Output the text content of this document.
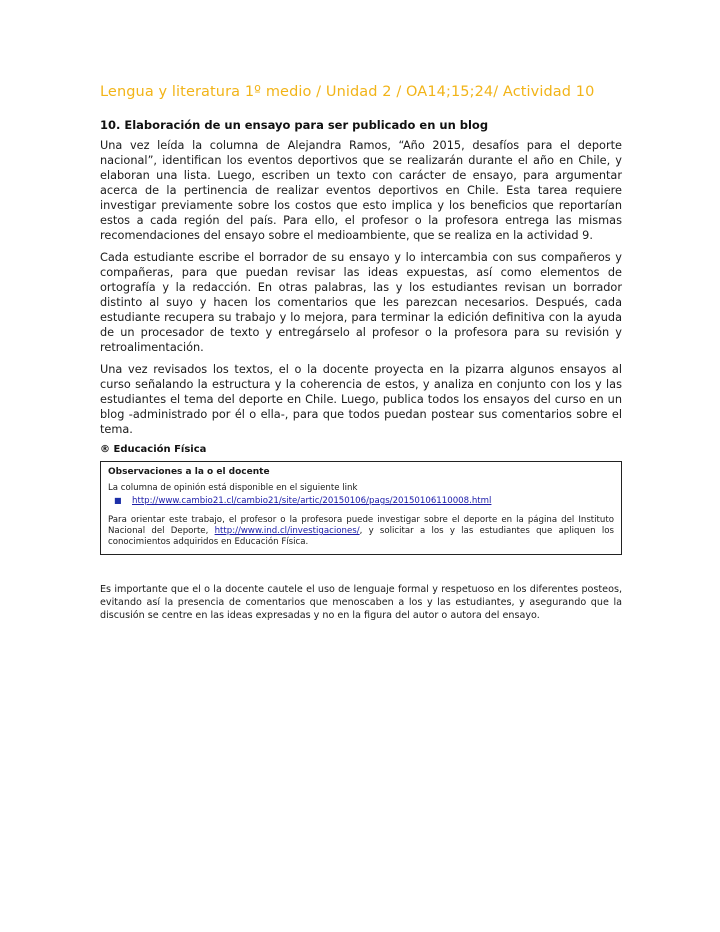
Lengua y literatura 1º medio / Unidad 2 / OA14;15;24/ Actividad 10
10. Elaboración de un ensayo para ser publicado en un blog

Una vez leída la columna de Alejandra Ramos, “Año 2015, desafíos para el deporte nacional”, identifican los eventos deportivos que se realizarán durante el año en Chile, y elaboran una lista. Luego, escriben un texto con carácter de ensayo, para argumentar acerca de la pertinencia de realizar eventos deportivos en Chile. Esta tarea requiere investigar previamente sobre los costos que esto implica y los beneficios que reportarían estos a cada región del país. Para ello, el profesor o la profesora entrega las mismas recomendaciones del ensayo sobre el medioambiente, que se realiza en la actividad 9.

Cada estudiante escribe el borrador de su ensayo y lo intercambia con sus compañeros y compañeras, para que puedan revisar las ideas expuestas, así como elementos de ortografía y la redacción. En otras palabras, las y los estudiantes revisan un borrador distinto al suyo y hacen los comentarios que les parezcan necesarios. Después, cada estudiante recupera su trabajo y lo mejora, para terminar la edición definitiva con la ayuda de un procesador de texto y entregárselo al profesor o la profesora para su revisión y retroalimentación.

Una vez revisados los textos, el o la docente proyecta en la pizarra algunos ensayos al curso señalando la estructura y la coherencia de estos, y analiza en conjunto con los y las estudiantes el tema del deporte en Chile. Luego, publica todos los ensayos del curso en un blog -administrado por él o ella-, para que todos puedan postear sus comentarios sobre el tema.

® Educación Física
Observaciones a la o el docente

La columna de opinión está disponible en el siguiente link

■	http://www.cambio21.cl/cambio21/site/artic/20150106/pags/20150106110008.html

Para orientar este trabajo, el profesor o la profesora puede investigar sobre el deporte en la página del Instituto Nacional del Deporte, http://www.ind.cl/investigaciones/, y solicitar a los y las estudiantes que apliquen los conocimientos adquiridos en Educación Física.

Es importante que el o la docente cautele el uso de lenguaje formal y respetuoso en los diferentes posteos, evitando así la presencia de comentarios que menoscaben a los y las estudiantes, y asegurando que la discusión se centre en las ideas expresadas y no en la figura del autor o autora del ensayo.
